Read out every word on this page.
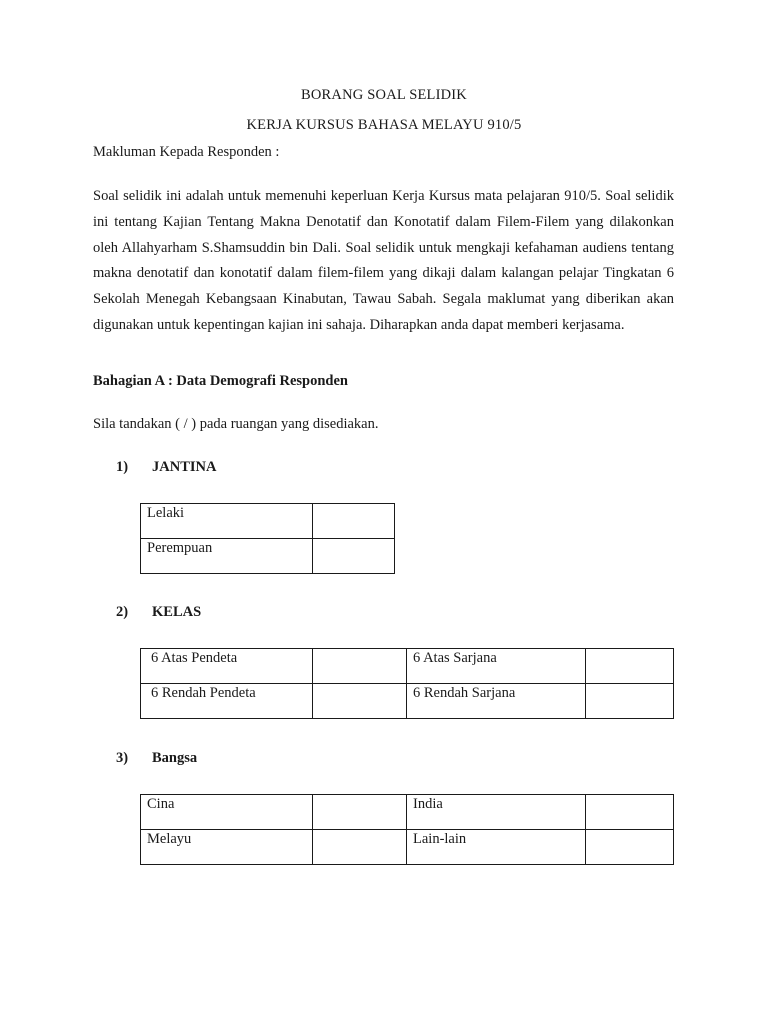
BORANG SOAL SELIDIK
KERJA KURSUS BAHASA MELAYU 910/5
Makluman Kepada Responden :
Soal selidik ini adalah untuk memenuhi keperluan Kerja Kursus mata pelajaran 910/5. Soal selidik ini tentang Kajian Tentang Makna Denotatif dan Konotatif dalam Filem-Filem yang dilakonkan oleh Allahyarham S.Shamsuddin bin Dali. Soal selidik untuk mengkaji kefahaman audiens tentang makna denotatif dan konotatif dalam filem-filem yang dikaji dalam kalangan pelajar Tingkatan 6 Sekolah Menegah Kebangsaan Kinabutan, Tawau Sabah. Segala maklumat yang diberikan akan digunakan untuk kepentingan kajian ini sahaja. Diharapkan anda dapat memberi kerjasama.
Bahagian A : Data Demografi Responden
Sila tandakan ( / ) pada ruangan yang disediakan.
1) JANTINA
Lelaki	
Perempuan	
2) KELAS
6 Atas Pendeta		6 Atas Sarjana	
6 Rendah Pendeta		6 Rendah Sarjana	
3) Bangsa
Cina		India	
Melayu		Lain-lain	
